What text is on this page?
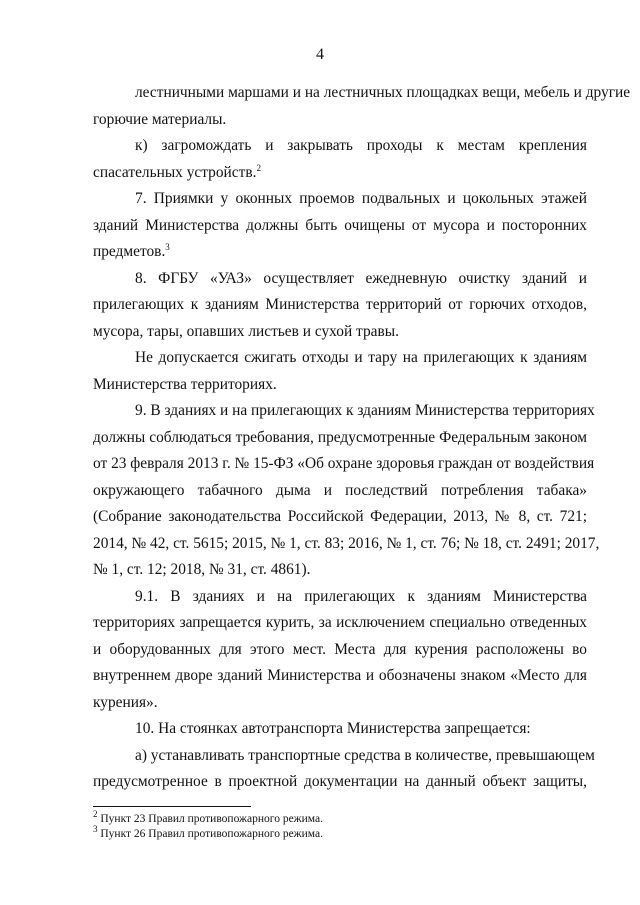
4

лестничными маршами и на лестничных площадках вещи, мебель и другие
горючие материалы.

к) загромождать и закрывать проходы к местам крепления
спасательных устройств.$^2$

7. Приямки у оконных проемов подвальных и цокольных этажей
зданий Министерства должны быть очищены от мусора и посторонних
предметов.$^3$

8. ФГБУ «УАЗ» осуществляет ежедневную очистку зданий и
прилегающих к зданиям Министерства территорий от горючих отходов,
мусора, тары, опавших листьев и сухой травы.

Не допускается сжигать отходы и тару на прилегающих к зданиям
Министерства территориях.

9. В зданиях и на прилегающих к зданиям Министерства территориях
должны соблюдаться требования, предусмотренные Федеральным законом
от 23 февраля 2013 г. № 15-ФЗ «Об охране здоровья граждан от воздействия
окружающего табачного дыма и последствий потребления табака»
(Собрание законодательства Российской Федерации, 2013, № 8, ст. 721;
2014, № 42, ст. 5615; 2015, № 1, ст. 83; 2016, № 1, ст. 76; № 18, ст. 2491; 2017,
№ 1, ст. 12; 2018, № 31, ст. 4861).

9.1. В зданиях и на прилегающих к зданиям Министерства
территориях запрещается курить, за исключением специально отведенных
и оборудованных для этого мест. Места для курения расположены во
внутреннем дворе зданий Министерства и обозначены знаком «Место для
курения».

10. На стоянках автотранспорта Министерства запрещается:

а) устанавливать транспортные средства в количестве, превышающем
предусмотренное в проектной документации на данный объект защиты,

$^2$ Пункт 23 Правил противопожарного режима.
$^3$ Пункт 26 Правил противопожарного режима.
